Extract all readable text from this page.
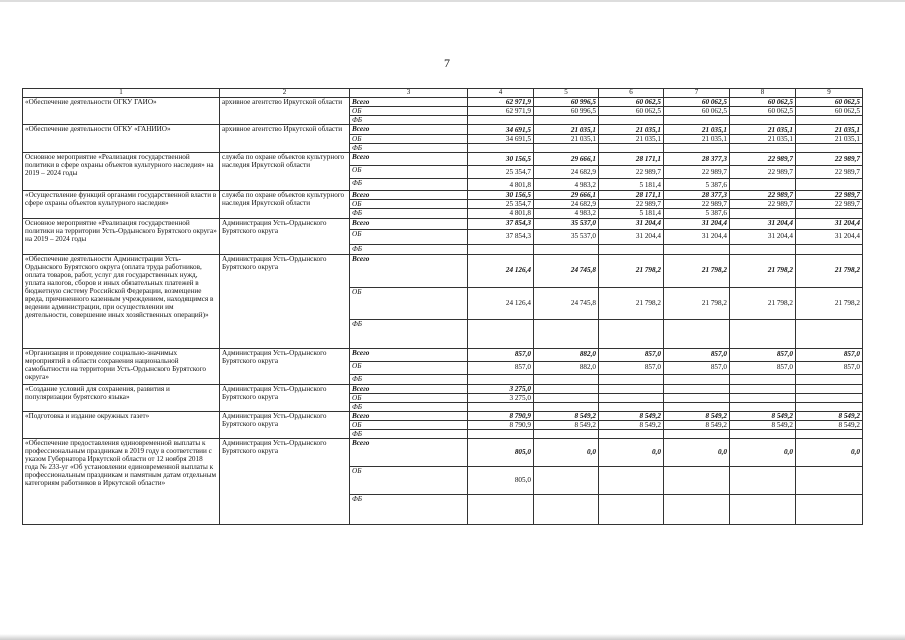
7
1	2	3	4	5	6	7	8	9
«Обеспечение деятельности ОГКУ ГАИО»	архивное агентство Иркутской области	Всего	62 971,9	60 996,5	60 062,5	60 062,5	60 062,5	60 062,5
		ОБ	62 971,9	60 996,5	60 062,5	60 062,5	60 062,5	60 062,5
		ФБ						
«Обеспечение деятельности ОГКУ «ГАНИИО»	архивное агентство Иркутской области	Всего	34 691,5	21 035,1	21 035,1	21 035,1	21 035,1	21 035,1
		ОБ	34 691,5	21 035,1	21 035,1	21 035,1	21 035,1	21 035,1
		ФБ						
Основное мероприятие «Реализация государственной политики в сфере охраны объектов культурного наследия» на 2019 – 2024 годы	служба по охране объектов культурного наследия Иркутской области	Всего	30 156,5	29 666,1	28 171,1	28 377,3	22 989,7	22 989,7
		ОБ	25 354,7	24 682,9	22 989,7	22 989,7	22 989,7	22 989,7
		ФБ	4 801,8	4 983,2	5 181,4	5 387,6		
«Осуществление функций органами государственной власти в сфере охраны объектов культурного наследия»	служба по охране объектов культурного наследия Иркутской области	Всего	30 156,5	29 666,1	28 171,1	28 377,3	22 989,7	22 989,7
		ОБ	25 354,7	24 682,9	22 989,7	22 989,7	22 989,7	22 989,7
		ФБ	4 801,8	4 983,2	5 181,4	5 387,6		
Основное мероприятие «Реализация государственной политики на территории Усть-Ордынского Бурятского округа» на 2019 – 2024 годы	Администрация Усть-Ордынского Бурятского округа	Всего	37 854,3	35 537,0	31 204,4	31 204,4	31 204,4	31 204,4
		ОБ	37 854,3	35 537,0	31 204,4	31 204,4	31 204,4	31 204,4
		ФБ						
«Обеспечение деятельности Администрации Усть-Ордынского Бурятского округа (оплата труда работников, оплата товаров, работ, услуг для государственных нужд, уплата налогов, сборов и иных обязательных платежей в бюджетную систему Российской Федерации, возмещение вреда, причиненного казенным учреждением, находящимся в ведении администрации, при осуществлении им деятельности, совершение иных хозяйственных операций)»	Администрация Усть-Ордынского Бурятского округа	Всего	24 126,4	24 745,8	21 798,2	21 798,2	21 798,2	21 798,2
		ОБ	24 126,4	24 745,8	21 798,2	21 798,2	21 798,2	21 798,2
		ФБ						
«Организация и проведение социально-значимых мероприятий в области сохранения национальной самобытности на территории Усть-Ордынского Бурятского округа»	Администрация Усть-Ордынского Бурятского округа	Всего	857,0	882,0	857,0	857,0	857,0	857,0
		ОБ	857,0	882,0	857,0	857,0	857,0	857,0
		ФБ						
«Создание условий для сохранения, развития и популяризации бурятского языка»	Администрация Усть-Ордынского Бурятского округа	Всего	3 275,0					
		ОБ	3 275,0					
		ФБ						
«Подготовка и издание окружных газет»	Администрация Усть-Ордынского Бурятского округа	Всего	8 790,9	8 549,2	8 549,2	8 549,2	8 549,2	8 549,2
		ОБ	8 790,9	8 549,2	8 549,2	8 549,2	8 549,2	8 549,2
		ФБ						
«Обеспечение предоставления единовременной выплаты к профессиональным праздникам в 2019 году в соответствии с указом Губернатора Иркутской области от 12 ноября 2018 года № 233-уг «Об установлении единовременной выплаты к профессиональным праздникам и памятным датам отдельным категориям работников в Иркутской области»	Администрация Усть-Ордынского Бурятского округа	Всего	805,0	0,0	0,0	0,0	0,0	0,0
		ОБ	805,0					
		ФБ						
